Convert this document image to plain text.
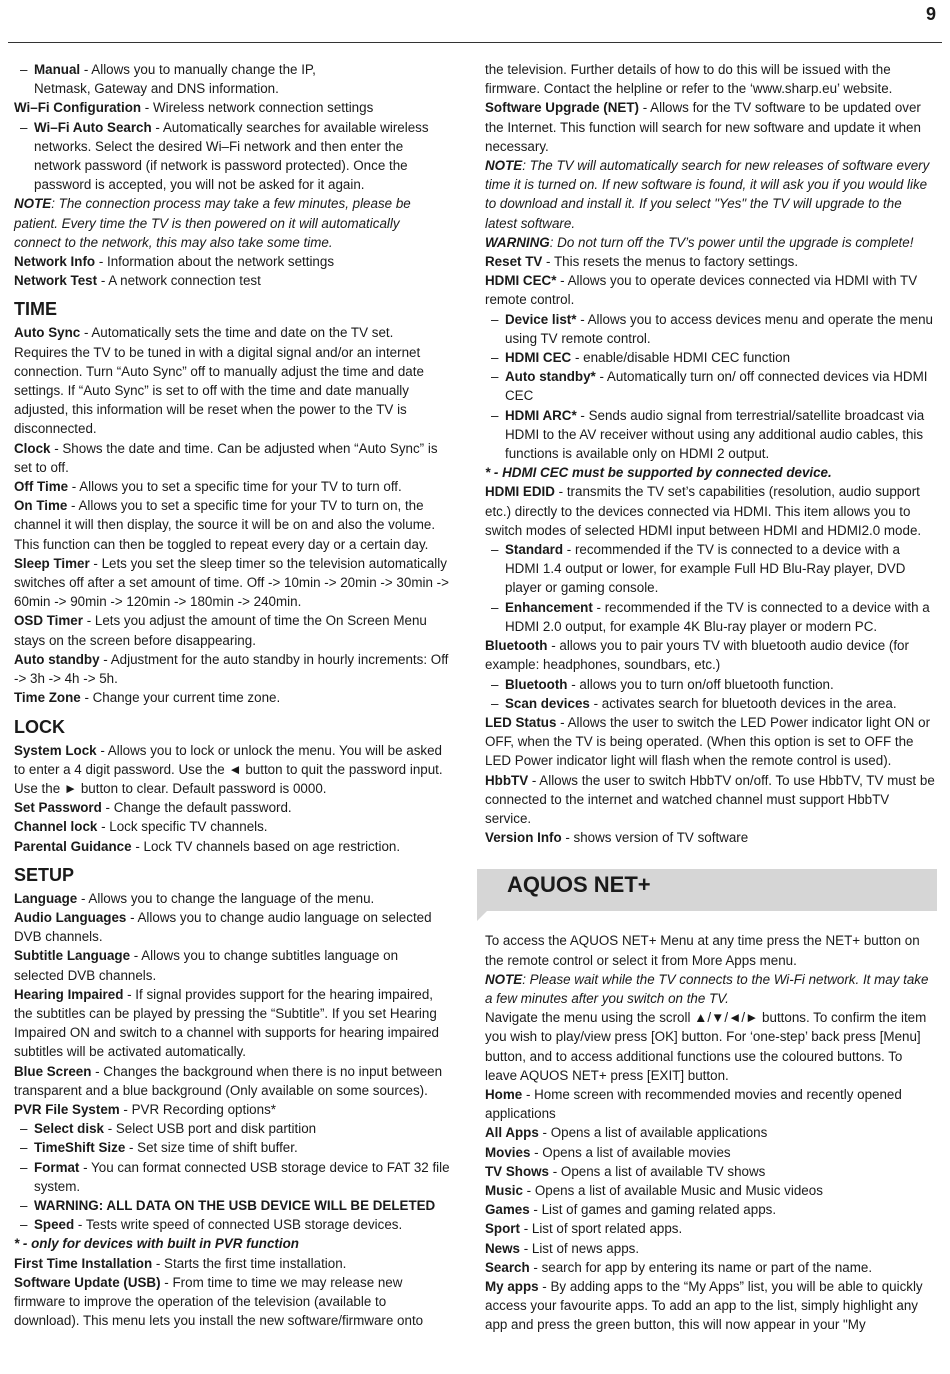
9

– Manual - Allows you to manually change the IP,

Netmask, Gateway and DNS information.

Wi–Fi Configuration - Wireless network connection settings

– Wi–Fi Auto Search - Automatically searches for available wireless networks. Select the desired Wi–Fi network and then enter the network password (if network is password protected). Once the password is accepted, you will not be asked for it again.

NOTE: The connection process may take a few minutes, please be patient. Every time the TV is then powered on it will automatically connect to the network, this may also take some time.

Network Info - Information about the network settings

Network Test - A network connection test

TIME

Auto Sync - Automatically sets the time and date on the TV set. Requires the TV to be tuned in with a digital signal and/or an internet connection. Turn “Auto Sync” off to manually adjust the time and date settings. If “Auto Sync” is set to off with the time and date manually adjusted, this information will be reset when the power to the TV is disconnected.

Clock - Shows the date and time. Can be adjusted when “Auto Sync” is set to off.

Off Time - Allows you to set a specific time for your TV to turn off.

On Time - Allows you to set a specific time for your TV to turn on, the channel it will then display, the source it will be on and also the volume. This function can then be toggled to repeat every day or a certain day.

Sleep Timer - Lets you set the sleep timer so the television automatically switches off after a set amount of time. Off -> 10min -> 20min -> 30min -> 60min -> 90min -> 120min -> 180min -> 240min.

OSD Timer - Lets you adjust the amount of time the On Screen Menu stays on the screen before disappearing.

Auto standby - Adjustment for the auto standby in hourly increments: Off -> 3h -> 4h -> 5h.

Time Zone - Change your current time zone.

LOCK

System Lock - Allows you to lock or unlock the menu. You will be asked to enter a 4 digit password. Use the ◄ button to quit the password input. Use the ► button to clear. Default password is 0000.

Set Password - Change the default password.

Channel lock - Lock specific TV channels.

Parental Guidance - Lock TV channels based on age restriction.

SETUP

Language - Allows you to change the language of the menu.

Audio Languages - Allows you to change audio language on selected DVB channels.

Subtitle Language - Allows you to change subtitles language on selected DVB channels.

Hearing Impaired - If signal provides support for the hearing impaired, the subtitles can be played by pressing the “Subtitle”. If you set Hearing Impaired ON and switch to a channel with supports for hearing impaired subtitles will be activated automatically.

Blue Screen - Changes the background when there is no input between transparent and a blue background (Only available on some sources).

PVR File System - PVR Recording options*

– Select disk - Select USB port and disk partition

– TimeShift Size - Set size time of shift buffer.

– Format - You can format connected USB storage device to FAT 32 file system.

– WARNING: ALL DATA ON THE USB DEVICE WILL BE DELETED

– Speed - Tests write speed of connected USB storage devices.

* - only for devices with built in PVR function

First Time Installation - Starts the first time installation.

Software Update (USB) - From time to time we may release new firmware to improve the operation of the television (available to download). This menu lets you install the new software/firmware onto

the television. Further details of how to do this will be issued with the firmware. Contact the helpline or refer to the ‘www.sharp.eu’ website.

Software Upgrade (NET) - Allows for the TV software to be updated over the Internet. This function will search for new software and update it when necessary.

NOTE: The TV will automatically search for new releases of software every time it is turned on. If new software is found, it will ask you if you would like to download and install it. If you select "Yes" the TV will upgrade to the latest software.

WARNING: Do not turn off the TV’s power until the upgrade is complete!

Reset TV - This resets the menus to factory settings.

HDMI CEC* - Allows you to operate devices connected via HDMI with TV remote control.

– Device list* - Allows you to access devices menu and operate the menu using TV remote control.

– HDMI CEC - enable/disable HDMI CEC function

– Auto standby* - Automatically turn on/ off connected devices via HDMI CEC

– HDMI ARC* - Sends audio signal from terrestrial/satellite broadcast via HDMI to the AV receiver without using any additional audio cables, this functions is available only on HDMI 2 output.

* - HDMI CEC must be supported by connected device.

HDMI EDID - transmits the TV set’s capabilities (resolution, audio support etc.) directly to the devices connected via HDMI. This item allows you to switch modes of selected HDMI input between HDMI and HDMI2.0 mode.

– Standard - recommended if the TV is connected to a device with a HDMI 1.4 output or lower, for example Full HD Blu-Ray player, DVD player or gaming console.

– Enhancement - recommended if the TV is connected to a device with a HDMI 2.0 output, for example 4K Blu-ray player or modern PC.

Bluetooth - allows you to pair yours TV with bluetooth audio device (for example: headphones, soundbars, etc.)

– Bluetooth - allows you to turn on/off bluetooth function.

– Scan devices - activates search for bluetooth devices in the area.

LED Status - Allows the user to switch the LED Power indicator light ON or OFF, when the TV is being operated. (When this option is set to OFF the LED Power indicator light will flash when the remote control is used).

HbbTV - Allows the user to switch HbbTV on/off. To use HbbTV, TV must be connected to the internet and watched channel must support HbbTV service.

Version Info - shows version of TV software

AQUOS NET+

To access the AQUOS NET+ Menu at any time press the NET+ button on the remote control or select it from More Apps menu.

NOTE: Please wait while the TV connects to the Wi-Fi network. It may take a few minutes after you switch on the TV.

Navigate the menu using the scroll ▲/▼/◄/► buttons. To confirm the item you wish to play/view press [OK] button. For ‘one-step’ back press [Menu] button, and to access additional functions use the coloured buttons. To leave AQUOS NET+ press [EXIT] button.

Home - Home screen with recommended movies and recently opened applications

All Apps - Opens a list of available applications

Movies - Opens a list of available movies

TV Shows - Opens a list of available TV shows

Music - Opens a list of available Music and Music videos

Games - List of games and gaming related apps.

Sport - List of sport related apps.

News - List of news apps.

Search - search for app by entering its name or part of the name.

My apps - By adding apps to the “My Apps” list, you will be able to quickly access your favourite apps. To add an app to the list, simply highlight any app and press the green button, this will now appear in your "My
